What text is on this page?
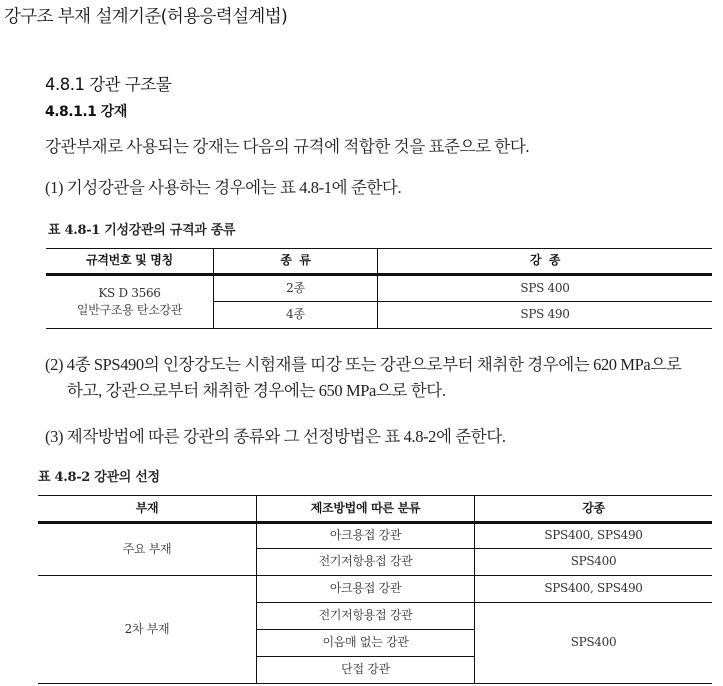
강구조 부재 설계기준(허용응력설계법)
4.8.1 강관 구조물
4.8.1.1 강재
강관부재로 사용되는 강재는 다음의 규격에 적합한 것을 표준으로 한다.
(1) 기성강관을 사용하는 경우에는 표 4.8-1에 준한다.
표 4.8-1 기성강관의 규격과 종류
규격번호 및 명칭	종  류	강  종
KS D 3566
일반구조용 탄소강관
2종	SPS 400
4종	SPS 490
(2) 4종 SPS490의 인장강도는 시험재를 띠강 또는 강관으로부터 채취한 경우에는 620 MPa으로
하고, 강관으로부터 채취한 경우에는 650 MPa으로 한다.
(3) 제작방법에 따른 강관의 종류와 그 선정방법은 표 4.8-2에 준한다.
표 4.8-2 강관의 선정
부재	제조방법에 따른 분류	강종
주요 부재
아크용접 강관	SPS400, SPS490
전기저항용접 강관	SPS400
2차 부재
아크용접 강관	SPS400, SPS490
전기저항용접 강관
이음매 없는 강관
단접 강관
SPS400
